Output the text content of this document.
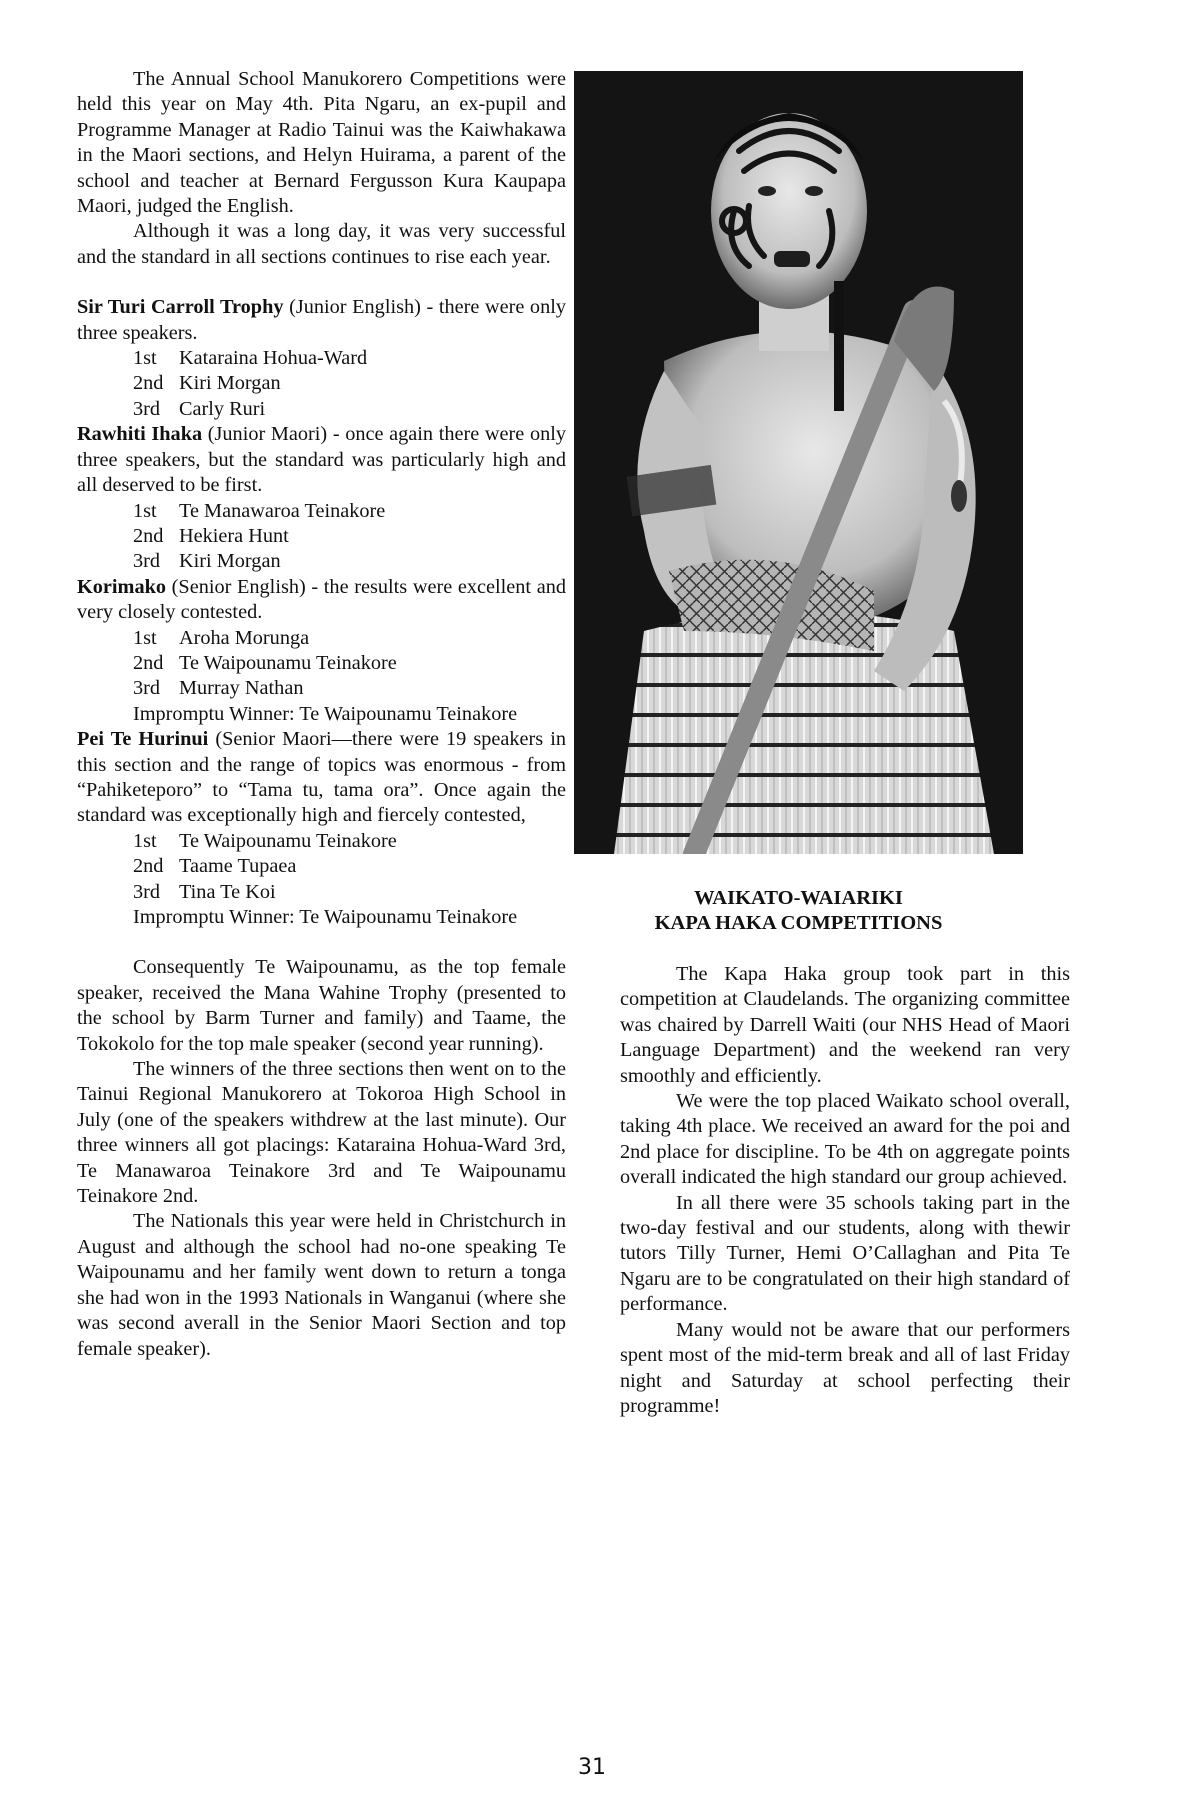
The Annual School Manukorero Competitions were held this year on May 4th. Pita Ngaru, an ex-pupil and Programme Manager at Radio Tainui was the Kaiwhakawa in the Maori sections, and Helyn Huirama, a parent of the school and teacher at Bernard Fergusson Kura Kaupapa Maori, judged the English.

Although it was a long day, it was very successful and the standard in all sections continues to rise each year.

Sir Turi Carroll Trophy (Junior English) - there were only three speakers.

1st Kataraina Hohua-Ward
2nd Kiri Morgan
3rd Carly Ruri

Rawhiti Ihaka (Junior Maori) - once again there were only three speakers, but the standard was particularly high and all deserved to be first.

1st Te Manawaroa Teinakore
2nd Hekiera Hunt
3rd Kiri Morgan

Korimako (Senior English) - the results were excellent and very closely contested.

1st Aroha Morunga
2nd Te Waipounamu Teinakore
3rd Murray Nathan

Impromptu Winner: Te Waipounamu Teinakore

Pei Te Hurinui (Senior Maori—there were 19 speakers in this section and the range of topics was enormous - from “Pahiketeporo” to “Tama tu, tama ora”. Once again the standard was exceptionally high and fiercely contested,

1st Te Waipounamu Teinakore
2nd Taame Tupaea
3rd Tina Te Koi

Impromptu Winner: Te Waipounamu Teinakore

Consequently Te Waipounamu, as the top female speaker, received the Mana Wahine Trophy (presented to the school by Barm Turner and family) and Taame, the Tokokolo for the top male speaker (second year running).

The winners of the three sections then went on to the Tainui Regional Manukorero at Tokoroa High School in July (one of the speakers withdrew at the last minute). Our three winners all got placings: Kataraina Hohua-Ward 3rd, Te Manawaroa Teinakore 3rd and Te Waipounamu Teinakore 2nd.

The Nationals this year were held in Christchurch in August and although the school had no-one speaking Te Waipounamu and her family went down to return a tonga she had won in the 1993 Nationals in Wanganui (where she was second averall in the Senior Maori Section and top female speaker).

WAIKATO-WAIARIKI
KAPA HAKA COMPETITIONS

The Kapa Haka group took part in this competition at Claudelands. The organizing committee was chaired by Darrell Waiti (our NHS Head of Maori Language Department) and the weekend ran very smoothly and efficiently.

We were the top placed Waikato school overall, taking 4th place. We received an award for the poi and 2nd place for discipline. To be 4th on aggregate points overall indicated the high standard our group achieved.

In all there were 35 schools taking part in the two-day festival and our students, along with thewir tutors Tilly Turner, Hemi O’Callaghan and Pita Te Ngaru are to be congratulated on their high standard of performance.

Many would not be aware that our performers spent most of the mid-term break and all of last Friday night and Saturday at school perfecting their programme!

31
